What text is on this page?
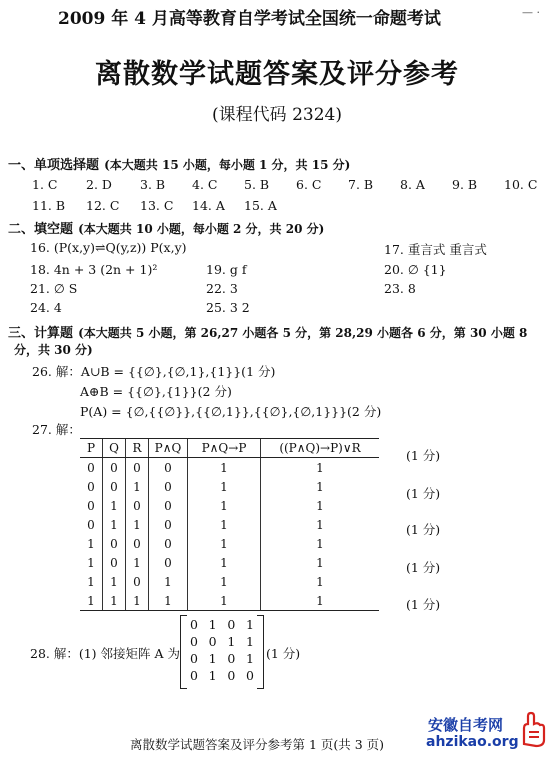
2009 年 4 月高等教育自学考试全国统一命题考试	— ·
离散数学试题答案及评分参考
(课程代码 2324)
一、单项选择题 (本大题共 15 小题，每小题 1 分，共 15 分)
1. C 2. D 3. B 4. C 5. B 6. C 7. B 8. A 9. B 10. C
11. B 12. C 13. C 14. A 15. A
二、填空题 (本大题共 10 小题，每小题 2 分，共 20 分)
16. (P(x,y)⇌Q(y,z)) P(x,y)	17. 重言式 重言式
18. 4n + 3 (2n + 1)²	19. g f	20. ∅ {1}
21. ∅ S	22. 3	23. 8
24. 4	25. 3 2
三、计算题 (本大题共 5 小题，第 26,27 小题各 5 分，第 28,29 小题各 6 分，第 30 小题 8
分，共 30 分)
26. 解：A∪B = {{∅},{∅,1},{1}}(1 分)
A⊕B = {{∅},{1}}(2 分)
P(A) = {∅,{{∅}},{{∅,1}},{{∅},{∅,1}}}(2 分)
27. 解：
P	Q	R	P∧Q	P∧Q→P	((P∧Q)→P)∨R
0	0	0	0	1	1
0	0	1	0	1	1
0	1	0	0	1	1
0	1	1	0	1	1
1	0	0	0	1	1
1	0	1	0	1	1
1	1	0	1	1	1
1	1	1	1	1	1
(1 分)
(1 分)
(1 分)
(1 分)
(1 分)
28. 解：(1) 邻接矩阵 A 为
0 1 0 1
0 0 1 1
0 1 0 1
0 1 0 0
(1 分)
离散数学试题答案及评分参考第 1 页(共 3 页)
安徽自考网
ahzikao.org
